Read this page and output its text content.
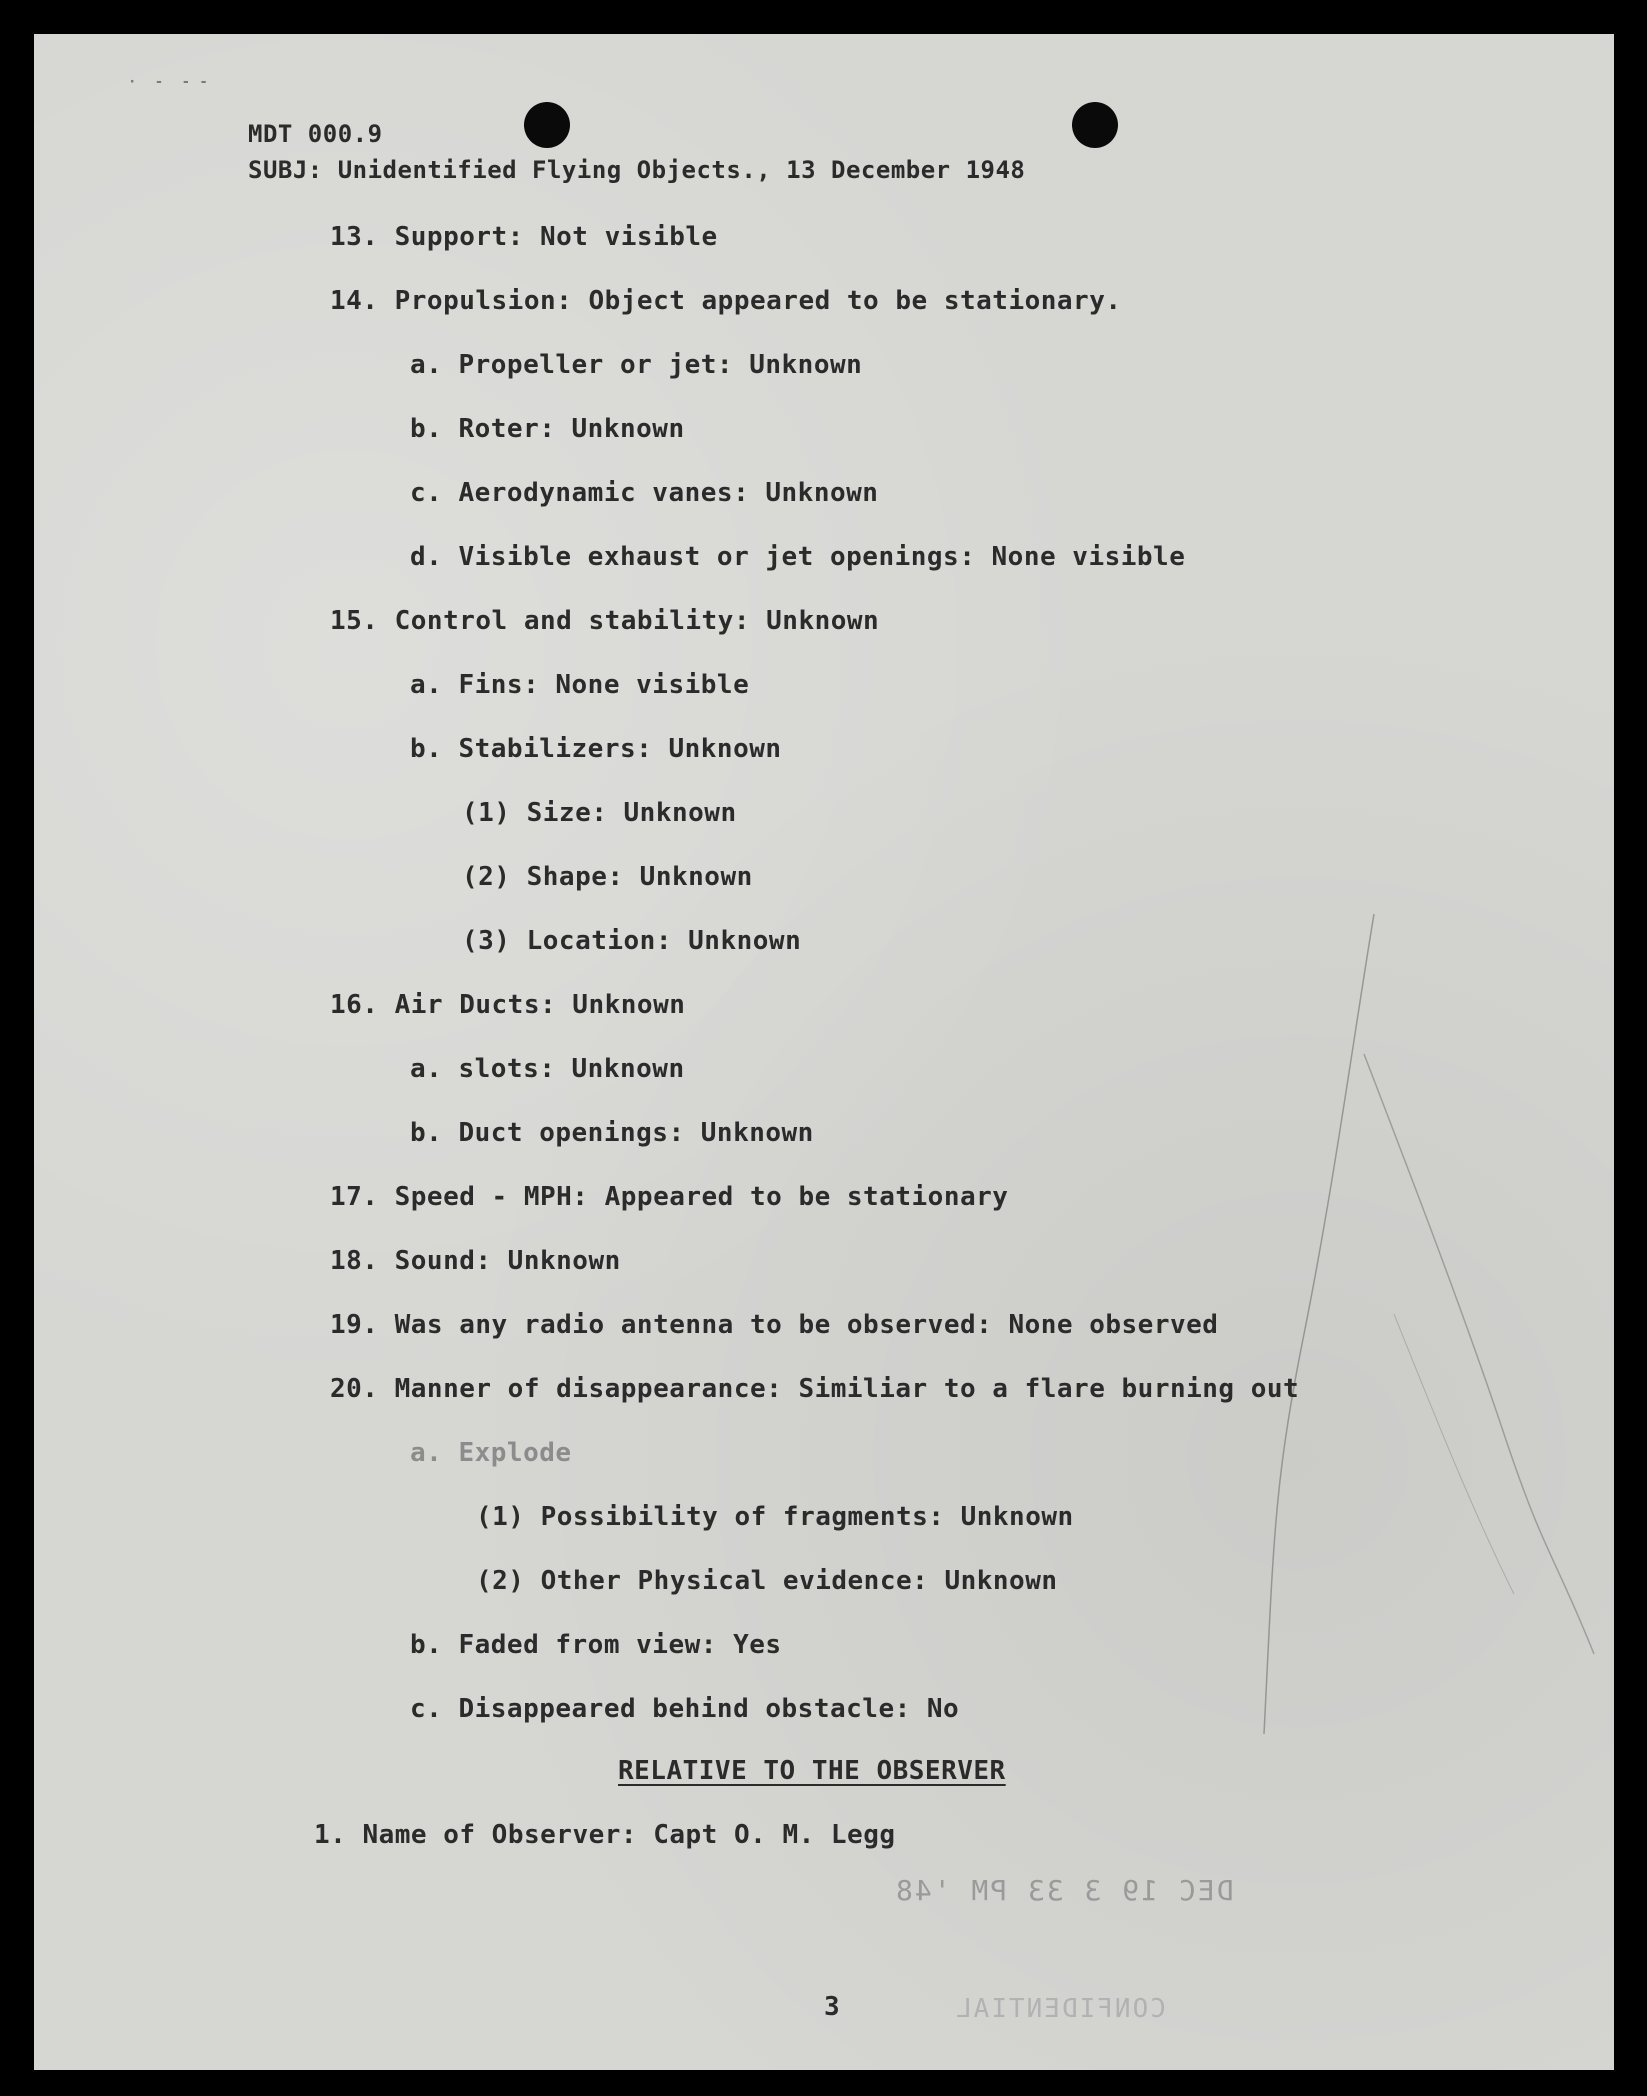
·  ‑  ‑ ‑
MDT 000.9
SUBJ: Unidentified Flying Objects., 13 December 1948
13. Support: Not visible
14. Propulsion: Object appeared to be stationary.
a. Propeller or jet: Unknown
b. Roter: Unknown
c. Aerodynamic vanes: Unknown
d. Visible exhaust or jet openings: None visible
15. Control and stability: Unknown
a. Fins: None visible
b. Stabilizers: Unknown
(1) Size: Unknown
(2) Shape: Unknown
(3) Location: Unknown
16. Air Ducts: Unknown
a. slots: Unknown
b. Duct openings: Unknown
17. Speed - MPH: Appeared to be stationary
18. Sound: Unknown
19. Was any radio antenna to be observed: None observed
20. Manner of disappearance: Similiar to a flare burning out
a. Explode
(1) Possibility of fragments: Unknown
(2) Other Physical evidence: Unknown
b. Faded from view: Yes
c. Disappeared behind obstacle: No
RELATIVE TO THE OBSERVER
1. Name of Observer: Capt O. M. Legg
DEC 19 3 33 PM '48
3	CONFIDENTIAL
